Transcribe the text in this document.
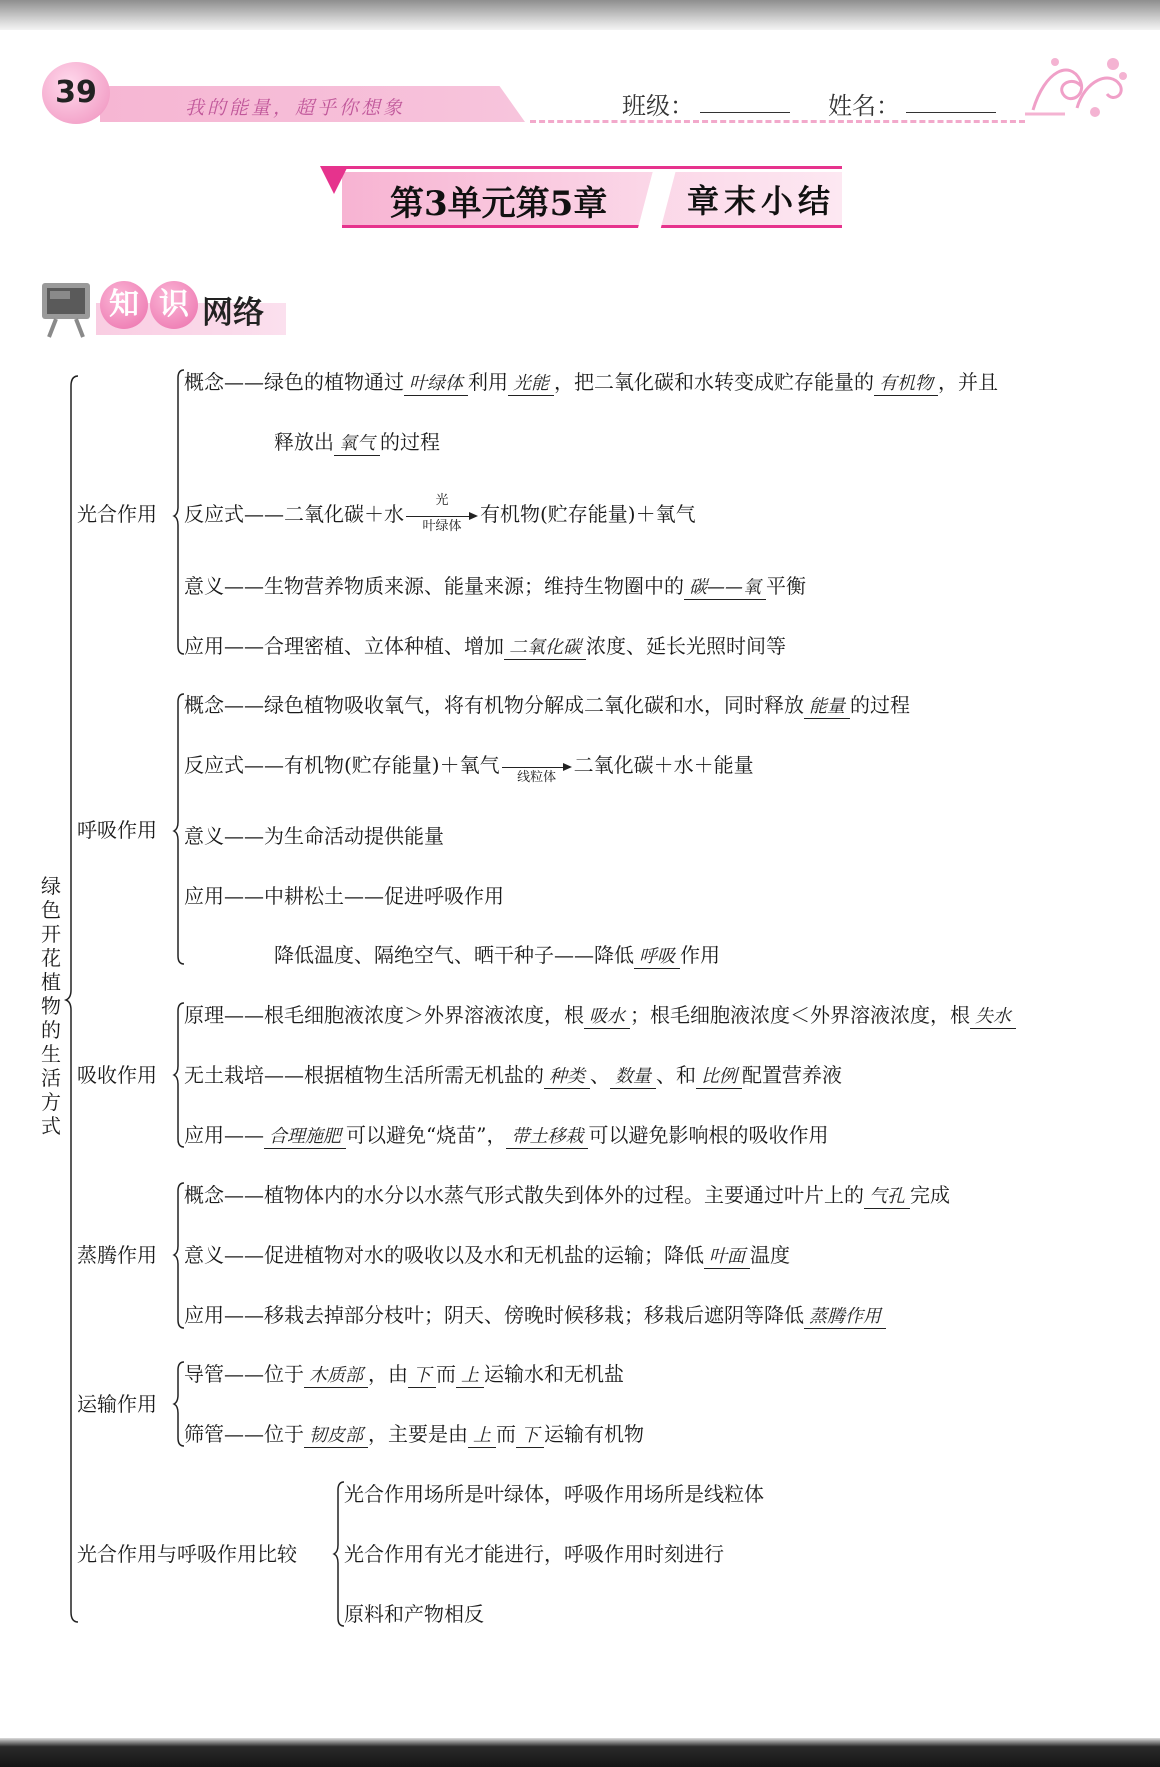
39	我的能量，超乎你想象	班级：	姓名：
第3单元第5章 章末小结
知 识 网络
绿色开花植物的生活方式
光合作用
概念——绿色的植物通过 叶绿体 利用 光能 ，把二氧化碳和水转变成贮存能量的 有机物 ，并且
释放出 氧气 的过程
反应式——二氧化碳＋水
光
叶绿体 有机物(贮存能量)＋氧气
意义——生物营养物质来源、能量来源；维持生物圈中的 碳——氧 平衡
应用——合理密植、立体种植、增加 二氧化碳 浓度、延长光照时间等
呼吸作用
概念——绿色植物吸收氧气，将有机物分解成二氧化碳和水，同时释放 能量 的过程
反应式——有机物(贮存能量)＋氧气	线粒体 二氧化碳＋水＋能量
意义——为生命活动提供能量
应用——中耕松土——促进呼吸作用
降低温度、隔绝空气、晒干种子——降低 呼吸 作用
吸收作用
原理——根毛细胞液浓度＞外界溶液浓度，根 吸水 ；根毛细胞液浓度＜外界溶液浓度，根 失水
无土栽培——根据植物生活所需无机盐的 种类 、 数量 、和 比例 配置营养液
应用—— 合理施肥 可以避免“烧苗”， 带土移栽 可以避免影响根的吸收作用
蒸腾作用
概念——植物体内的水分以水蒸气形式散失到体外的过程。主要通过叶片上的 气孔 完成
意义——促进植物对水的吸收以及水和无机盐的运输；降低 叶面 温度
应用——移栽去掉部分枝叶；阴天、傍晚时候移栽；移栽后遮阴等降低 蒸腾作用
运输作用
导管——位于 木质部 ，由 下 而 上 运输水和无机盐
筛管——位于 韧皮部 ，主要是由 上 而 下 运输有机物
光合作用与呼吸作用比较
光合作用场所是叶绿体，呼吸作用场所是线粒体
光合作用有光才能进行，呼吸作用时刻进行
原料和产物相反
